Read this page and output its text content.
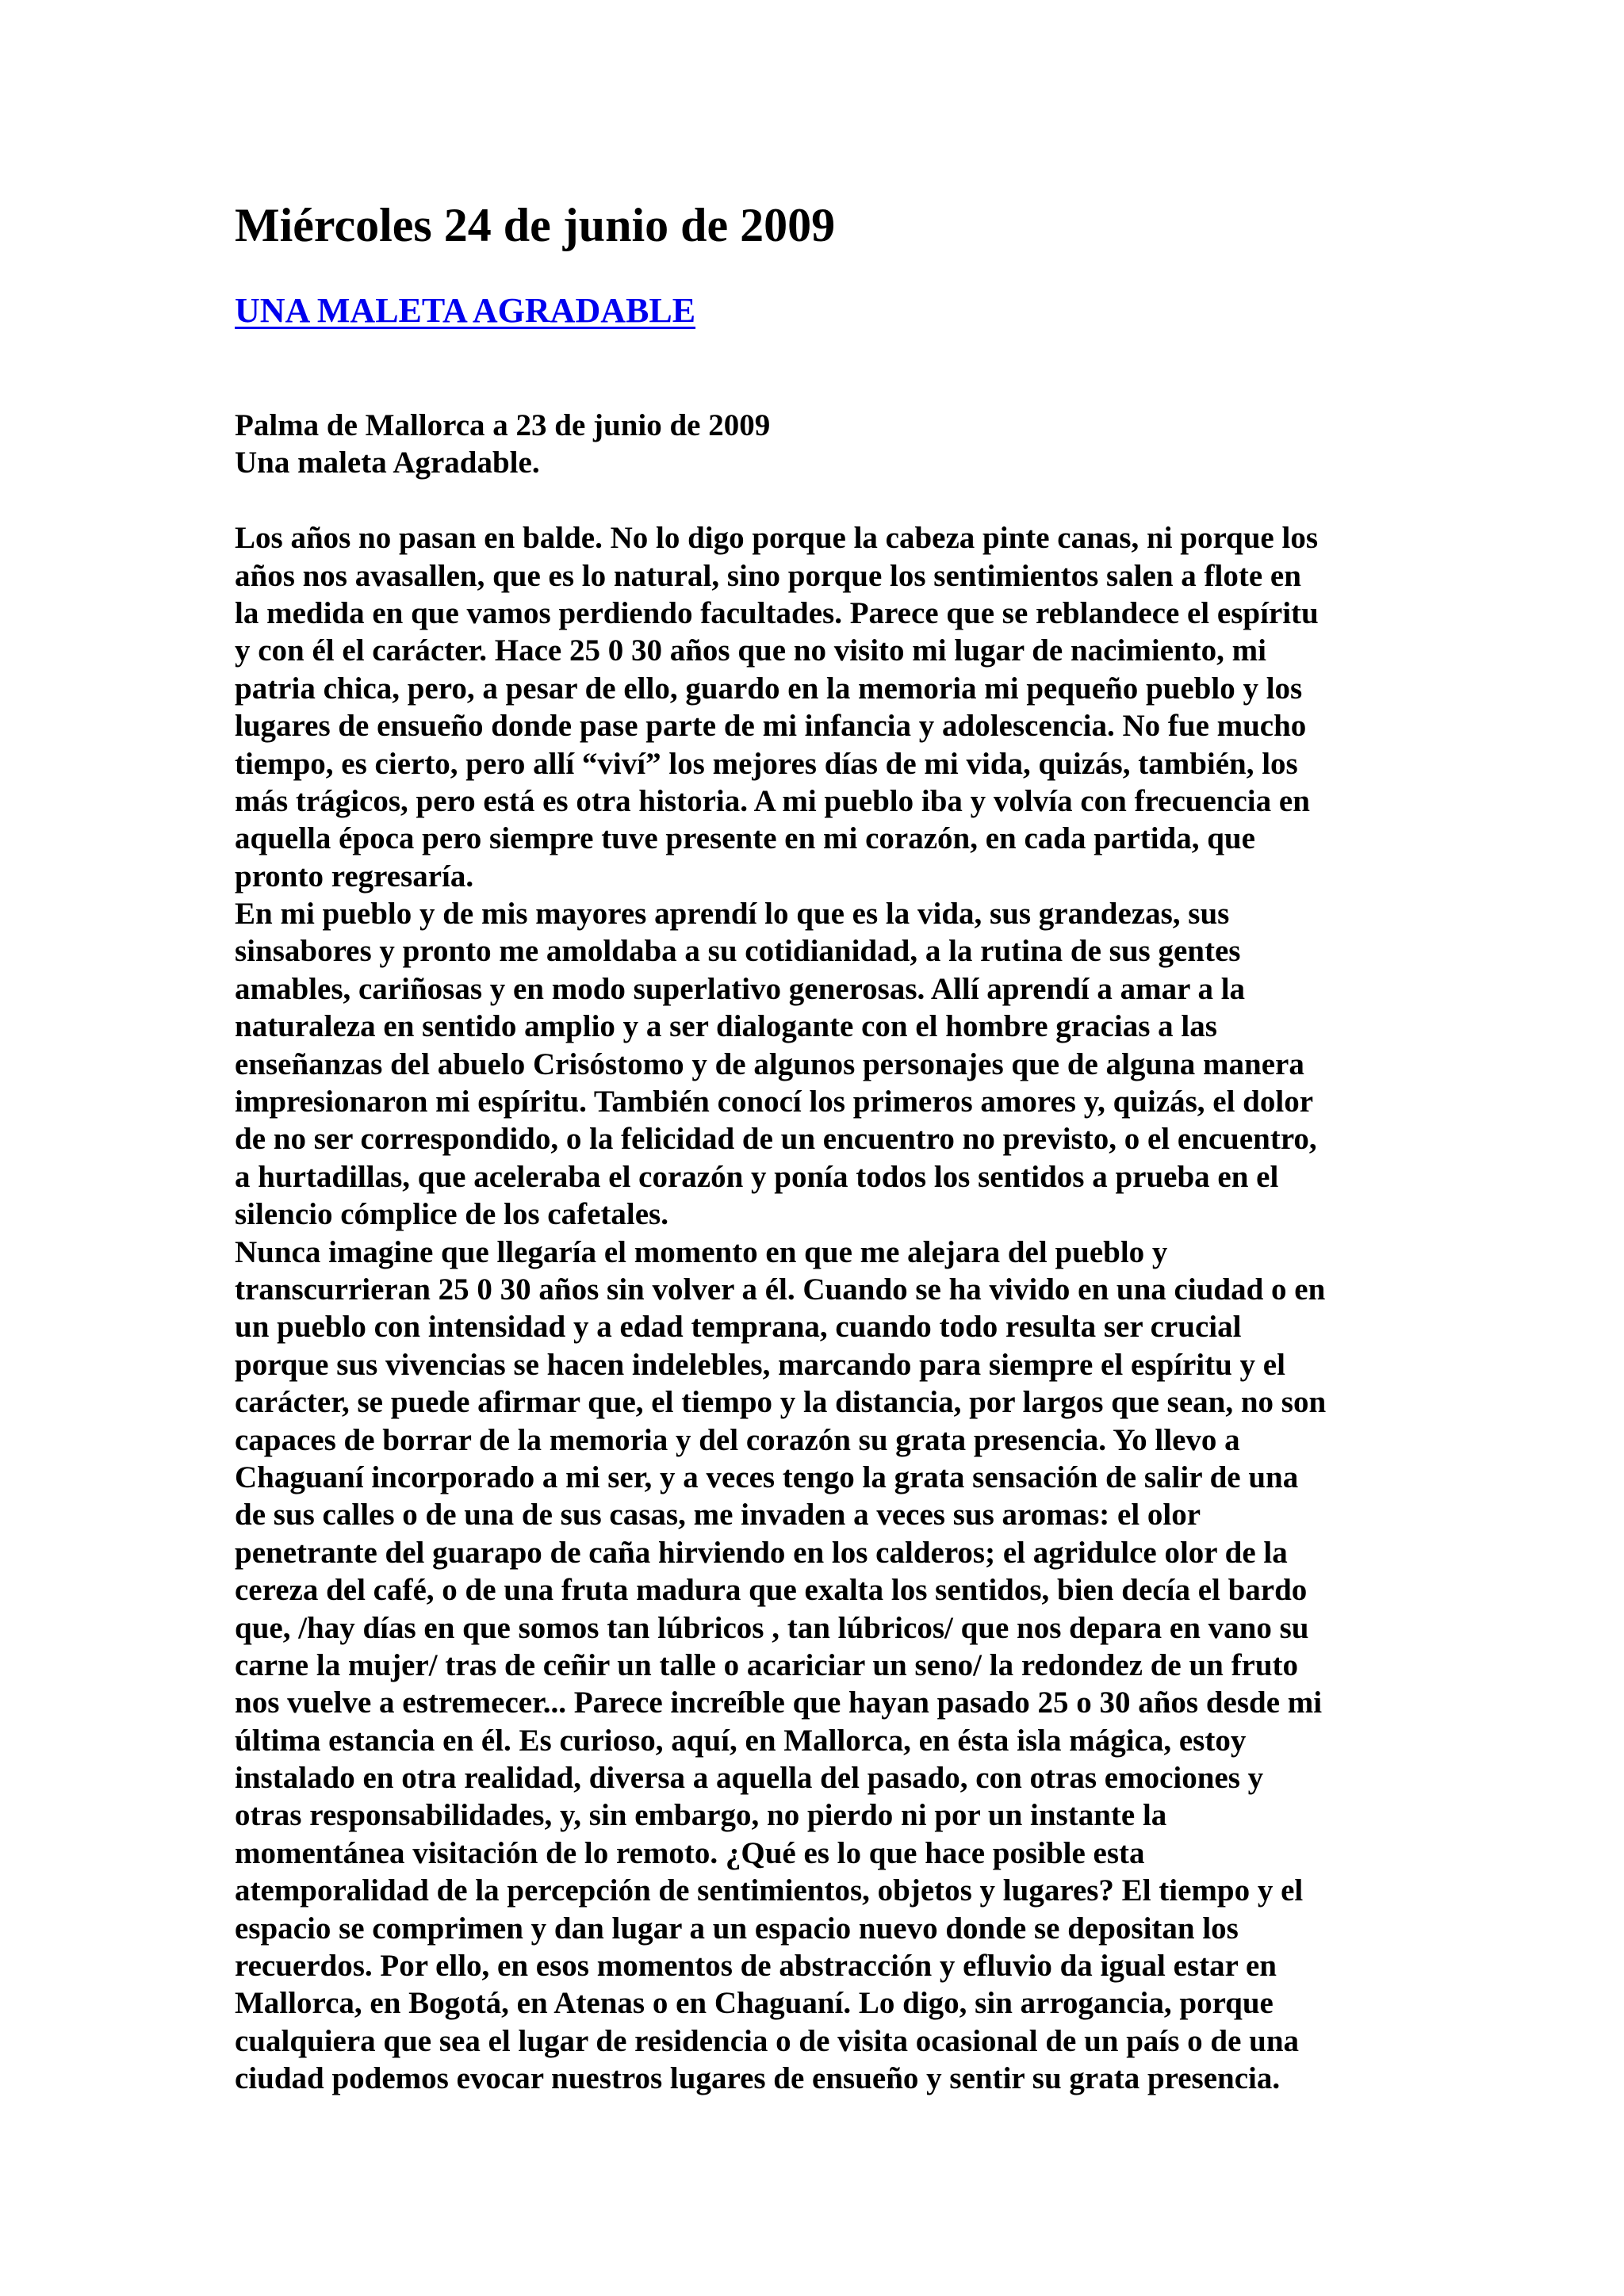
Miércoles 24 de junio de 2009
UNA MALETA AGRADABLE
Palma de Mallorca a 23 de junio de 2009
Una maleta Agradable.
Los años no pasan en balde. No lo digo porque la cabeza pinte canas, ni porque los
años nos avasallen, que es lo natural, sino porque los sentimientos salen a flote en
la medida en que vamos perdiendo facultades. Parece que se reblandece el espíritu
y con él el carácter. Hace 25 0 30 años que no visito mi lugar de nacimiento, mi
patria chica, pero, a pesar de ello, guardo en la memoria mi pequeño pueblo y los
lugares de ensueño donde pase parte de mi infancia y adolescencia. No fue mucho
tiempo, es cierto, pero allí “viví” los mejores días de mi vida, quizás, también, los
más trágicos, pero está es otra historia. A mi pueblo iba y volvía con frecuencia en
aquella época pero siempre tuve presente en mi corazón, en cada partida, que
pronto regresaría.
En mi pueblo y de mis mayores aprendí lo que es la vida, sus grandezas, sus
sinsabores y pronto me amoldaba a su cotidianidad, a la rutina de sus gentes
amables, cariñosas y en modo superlativo generosas. Allí aprendí a amar a la
naturaleza en sentido amplio y a ser dialogante con el hombre gracias a las
enseñanzas del abuelo Crisóstomo y de algunos personajes que de alguna manera
impresionaron mi espíritu. También conocí los primeros amores y, quizás, el dolor
de no ser correspondido, o la felicidad de un encuentro no previsto, o el encuentro,
a hurtadillas, que aceleraba el corazón y ponía todos los sentidos a prueba en el
silencio cómplice de los cafetales.
Nunca imagine que llegaría el momento en que me alejara del pueblo y
transcurrieran 25 0 30 años sin volver a él. Cuando se ha vivido en una ciudad o en
un pueblo con intensidad y a edad temprana, cuando todo resulta ser crucial
porque sus vivencias se hacen indelebles, marcando para siempre el espíritu y el
carácter, se puede afirmar que, el tiempo y la distancia, por largos que sean, no son
capaces de borrar de la memoria y del corazón su grata presencia. Yo llevo a
Chaguaní incorporado a mi ser, y a veces tengo la grata sensación de salir de una
de sus calles o de una de sus casas, me invaden a veces sus aromas: el olor
penetrante del guarapo de caña hirviendo en los calderos; el agridulce olor de la
cereza del café, o de una fruta madura que exalta los sentidos, bien decía el bardo
que, /hay días en que somos tan lúbricos , tan lúbricos/ que nos depara en vano su
carne la mujer/ tras de ceñir un talle o acariciar un seno/ la redondez de un fruto
nos vuelve a estremecer... Parece increíble que hayan pasado 25 o 30 años desde mi
última estancia en él. Es curioso, aquí, en Mallorca, en ésta isla mágica, estoy
instalado en otra realidad, diversa a aquella del pasado, con otras emociones y
otras responsabilidades, y, sin embargo, no pierdo ni por un instante la
momentánea visitación de lo remoto. ¿Qué es lo que hace posible esta
atemporalidad de la percepción de sentimientos, objetos y lugares? El tiempo y el
espacio se comprimen y dan lugar a un espacio nuevo donde se depositan los
recuerdos. Por ello, en esos momentos de abstracción y efluvio da igual estar en
Mallorca, en Bogotá, en Atenas o en Chaguaní. Lo digo, sin arrogancia, porque
cualquiera que sea el lugar de residencia o de visita ocasional de un país o de una
ciudad podemos evocar nuestros lugares de ensueño y sentir su grata presencia.
